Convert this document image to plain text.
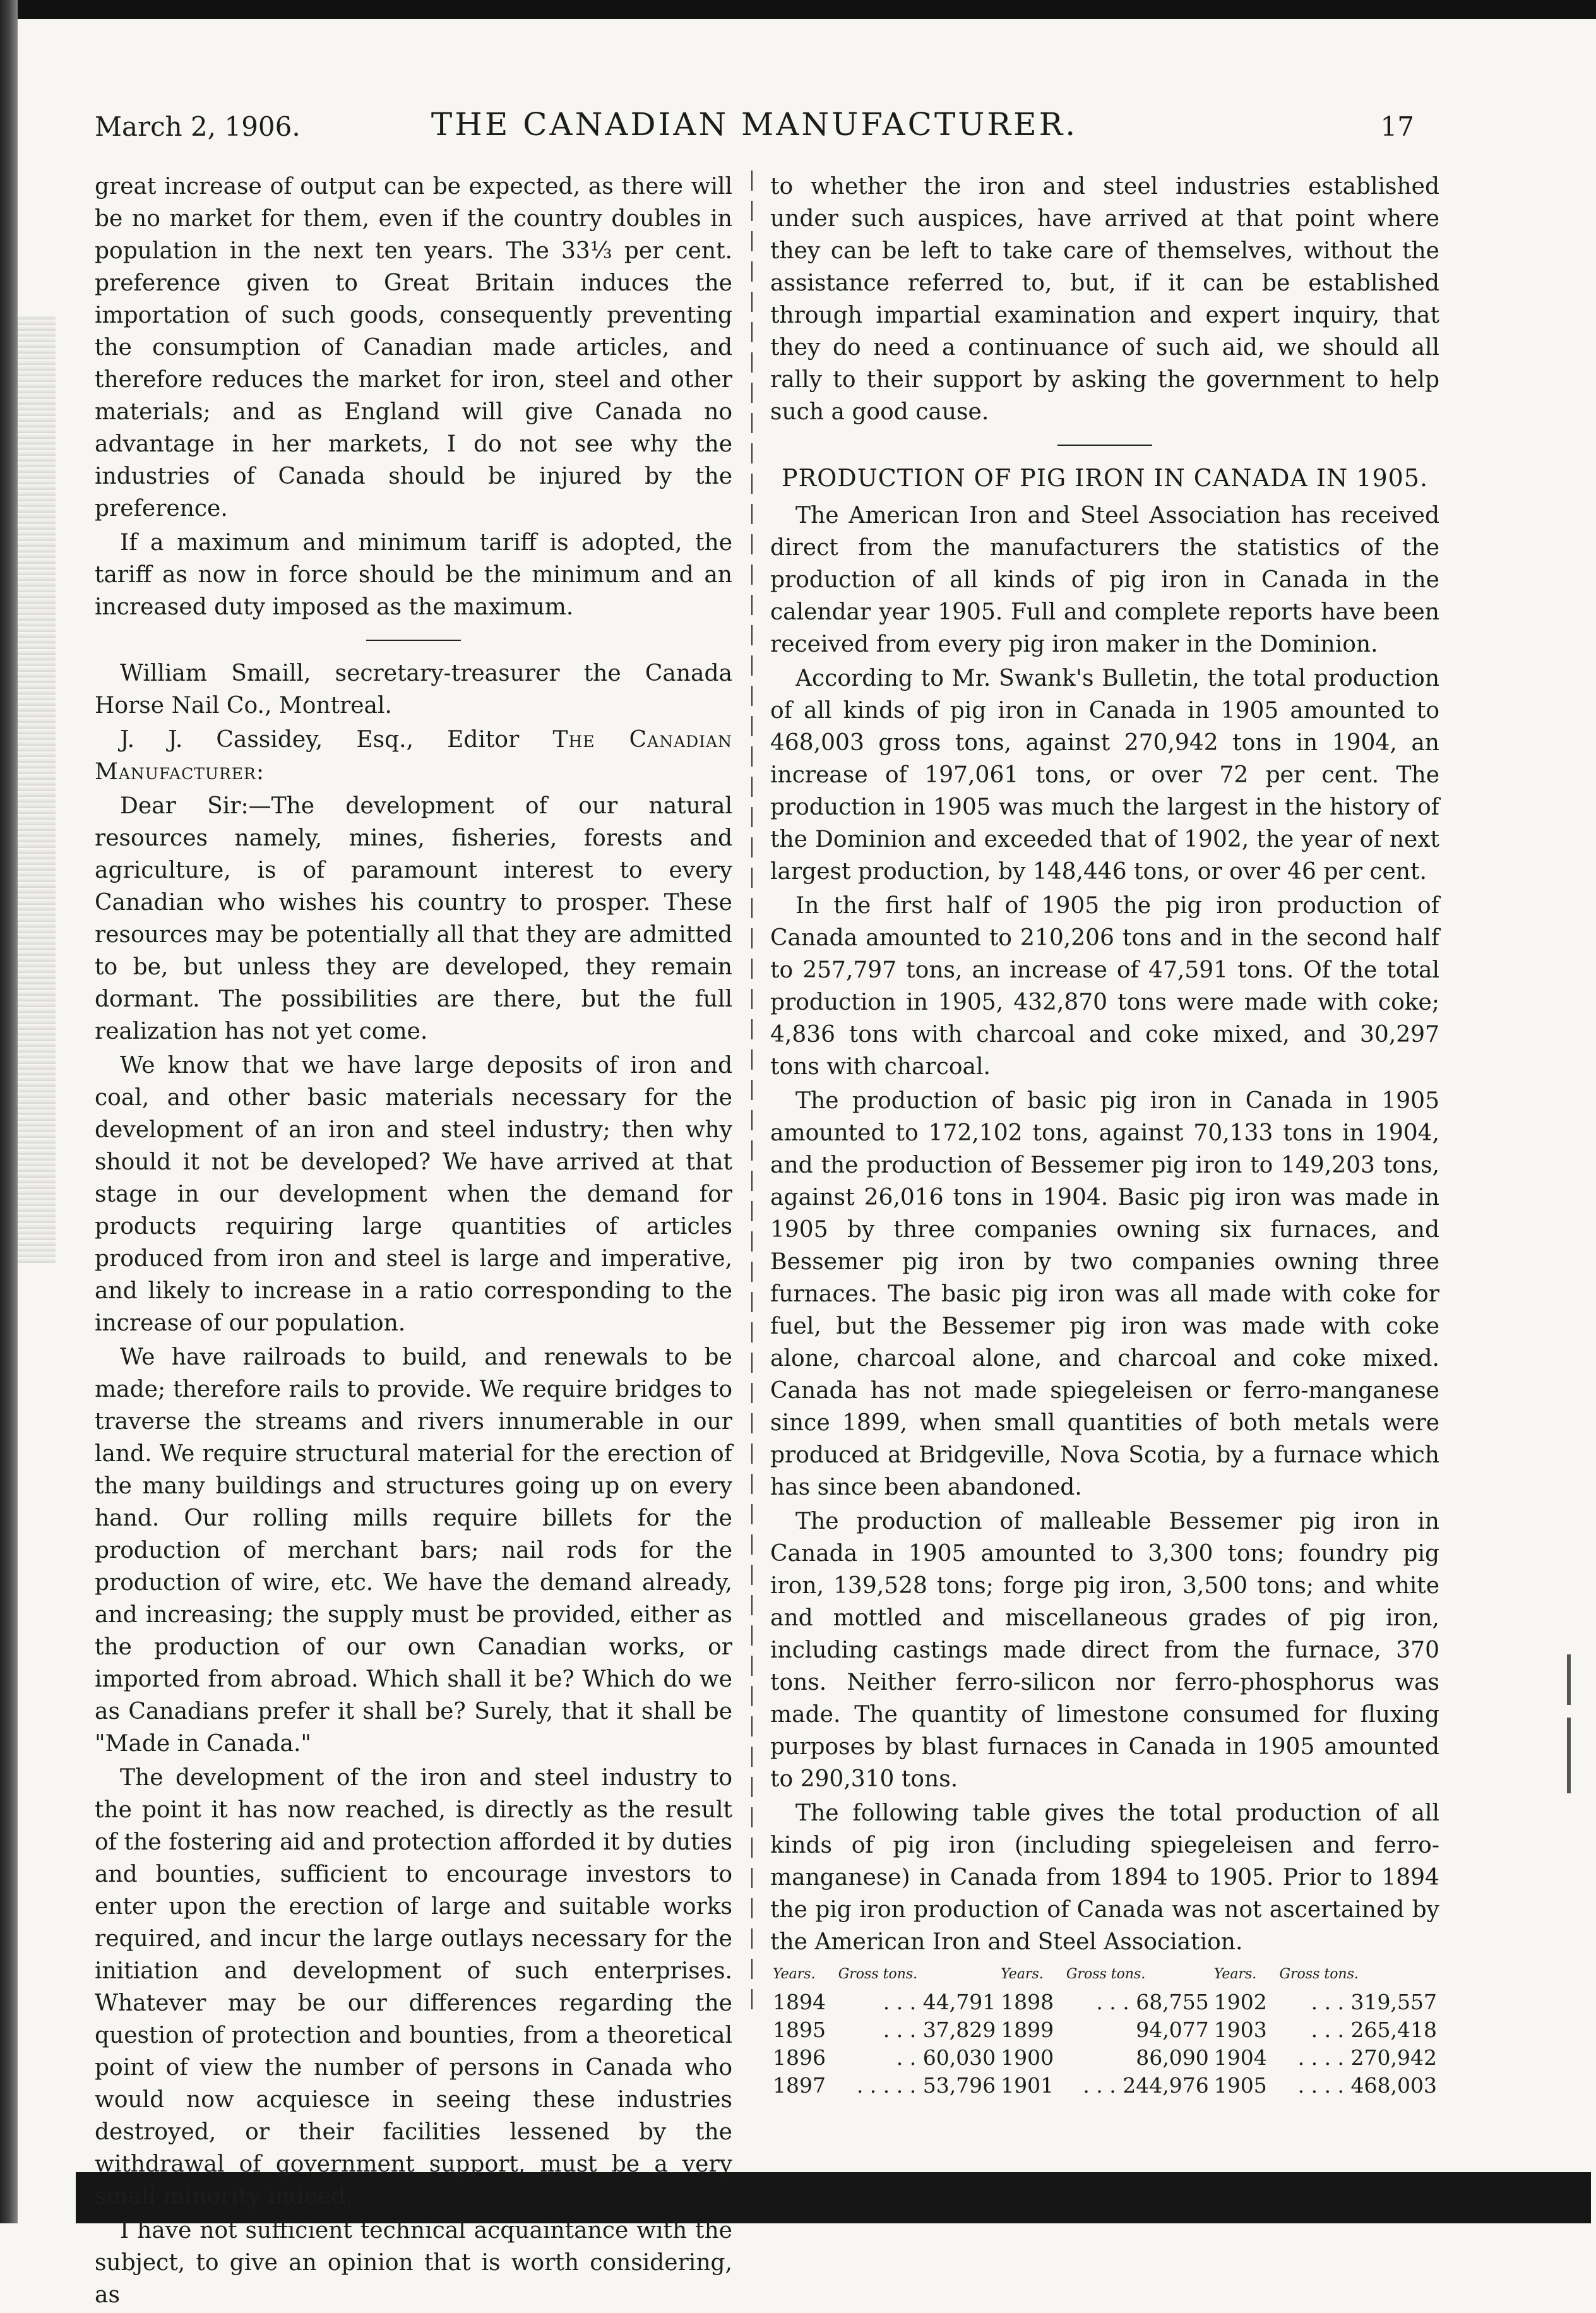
March 2, 1906.	THE CANADIAN MANUFACTURER.	17

great increase of output can be expected, as there will be no market for them, even if the country doubles in population in the next ten years. The 33⅓ per cent. preference given to Great Britain induces the importation of such goods, consequently preventing the consumption of Canadian made articles, and therefore reduces the market for iron, steel and other materials; and as England will give Canada no advantage in her markets, I do not see why the industries of Canada should be injured by the preference.

If a maximum and minimum tariff is adopted, the tariff as now in force should be the minimum and an increased duty imposed as the maximum.

William Smaill, secretary-treasurer the Canada Horse Nail Co., Montreal.

J. J. Cassidey, Esq., Editor The Canadian Manufacturer:

Dear Sir:—The development of our natural resources namely, mines, fisheries, forests and agriculture, is of paramount interest to every Canadian who wishes his country to prosper. These resources may be potentially all that they are admitted to be, but unless they are developed, they remain dormant. The possibilities are there, but the full realization has not yet come.

We know that we have large deposits of iron and coal, and other basic materials necessary for the development of an iron and steel industry; then why should it not be developed? We have arrived at that stage in our development when the demand for products requiring large quantities of articles produced from iron and steel is large and imperative, and likely to increase in a ratio corresponding to the increase of our population.

We have railroads to build, and renewals to be made; therefore rails to provide. We require bridges to traverse the streams and rivers innumerable in our land. We require structural material for the erection of the many buildings and structures going up on every hand. Our rolling mills require billets for the production of merchant bars; nail rods for the production of wire, etc. We have the demand already, and increasing; the supply must be provided, either as the production of our own Canadian works, or imported from abroad. Which shall it be? Which do we as Canadians prefer it shall be? Surely, that it shall be "Made in Canada."

The development of the iron and steel industry to the point it has now reached, is directly as the result of the fostering aid and protection afforded it by duties and bounties, sufficient to encourage investors to enter upon the erection of large and suitable works required, and incur the large outlays necessary for the initiation and development of such enterprises. Whatever may be our differences regarding the question of protection and bounties, from a theoretical point of view the number of persons in Canada who would now acquiesce in seeing these industries destroyed, or their facilities lessened by the withdrawal of government support, must be a very small minority indeed.

I have not sufficient technical acquaintance with the subject, to give an opinion that is worth considering, as

to whether the iron and steel industries established under such auspices, have arrived at that point where they can be left to take care of themselves, without the assistance referred to, but, if it can be established through impartial examination and expert inquiry, that they do need a continuance of such aid, we should all rally to their support by asking the government to help such a good cause.

PRODUCTION OF PIG IRON IN CANADA IN 1905.

The American Iron and Steel Association has received direct from the manufacturers the statistics of the production of all kinds of pig iron in Canada in the calendar year 1905. Full and complete reports have been received from every pig iron maker in the Dominion.

According to Mr. Swank's Bulletin, the total production of all kinds of pig iron in Canada in 1905 amounted to 468,003 gross tons, against 270,942 tons in 1904, an increase of 197,061 tons, or over 72 per cent. The production in 1905 was much the largest in the history of the Dominion and exceeded that of 1902, the year of next largest production, by 148,446 tons, or over 46 per cent.

In the first half of 1905 the pig iron production of Canada amounted to 210,206 tons and in the second half to 257,797 tons, an increase of 47,591 tons. Of the total production in 1905, 432,870 tons were made with coke; 4,836 tons with charcoal and coke mixed, and 30,297 tons with charcoal.

The production of basic pig iron in Canada in 1905 amounted to 172,102 tons, against 70,133 tons in 1904, and the production of Bessemer pig iron to 149,203 tons, against 26,016 tons in 1904. Basic pig iron was made in 1905 by three companies owning six furnaces, and Bessemer pig iron by two companies owning three furnaces. The basic pig iron was all made with coke for fuel, but the Bessemer pig iron was made with coke alone, charcoal alone, and charcoal and coke mixed. Canada has not made spiegeleisen or ferro-manganese since 1899, when small quantities of both metals were produced at Bridgeville, Nova Scotia, by a furnace which has since been abandoned.

The production of malleable Bessemer pig iron in Canada in 1905 amounted to 3,300 tons; foundry pig iron, 139,528 tons; forge pig iron, 3,500 tons; and white and mottled and miscellaneous grades of pig iron, including castings made direct from the furnace, 370 tons. Neither ferro-silicon nor ferro-phosphorus was made. The quantity of limestone consumed for fluxing purposes by blast furnaces in Canada in 1905 amounted to 290,310 tons.

The following table gives the total production of all kinds of pig iron (including spiegeleisen and ferro-manganese) in Canada from 1894 to 1905. Prior to 1894 the pig iron production of Canada was not ascertained by the American Iron and Steel Association.

Years.	Gross tons.	Years.	Gross tons.	Years.	Gross tons.
1894	. . . 44,791	1898	. . . 68,755	1902	. . . 319,557
1895	. . . 37,829	1899	94,077	1903	. . . 265,418
1896	. . 60,030	1900	86,090	1904	. . . . 270,942
1897	. . . . . 53,796	1901	. . . 244,976	1905	. . . . 468,003
